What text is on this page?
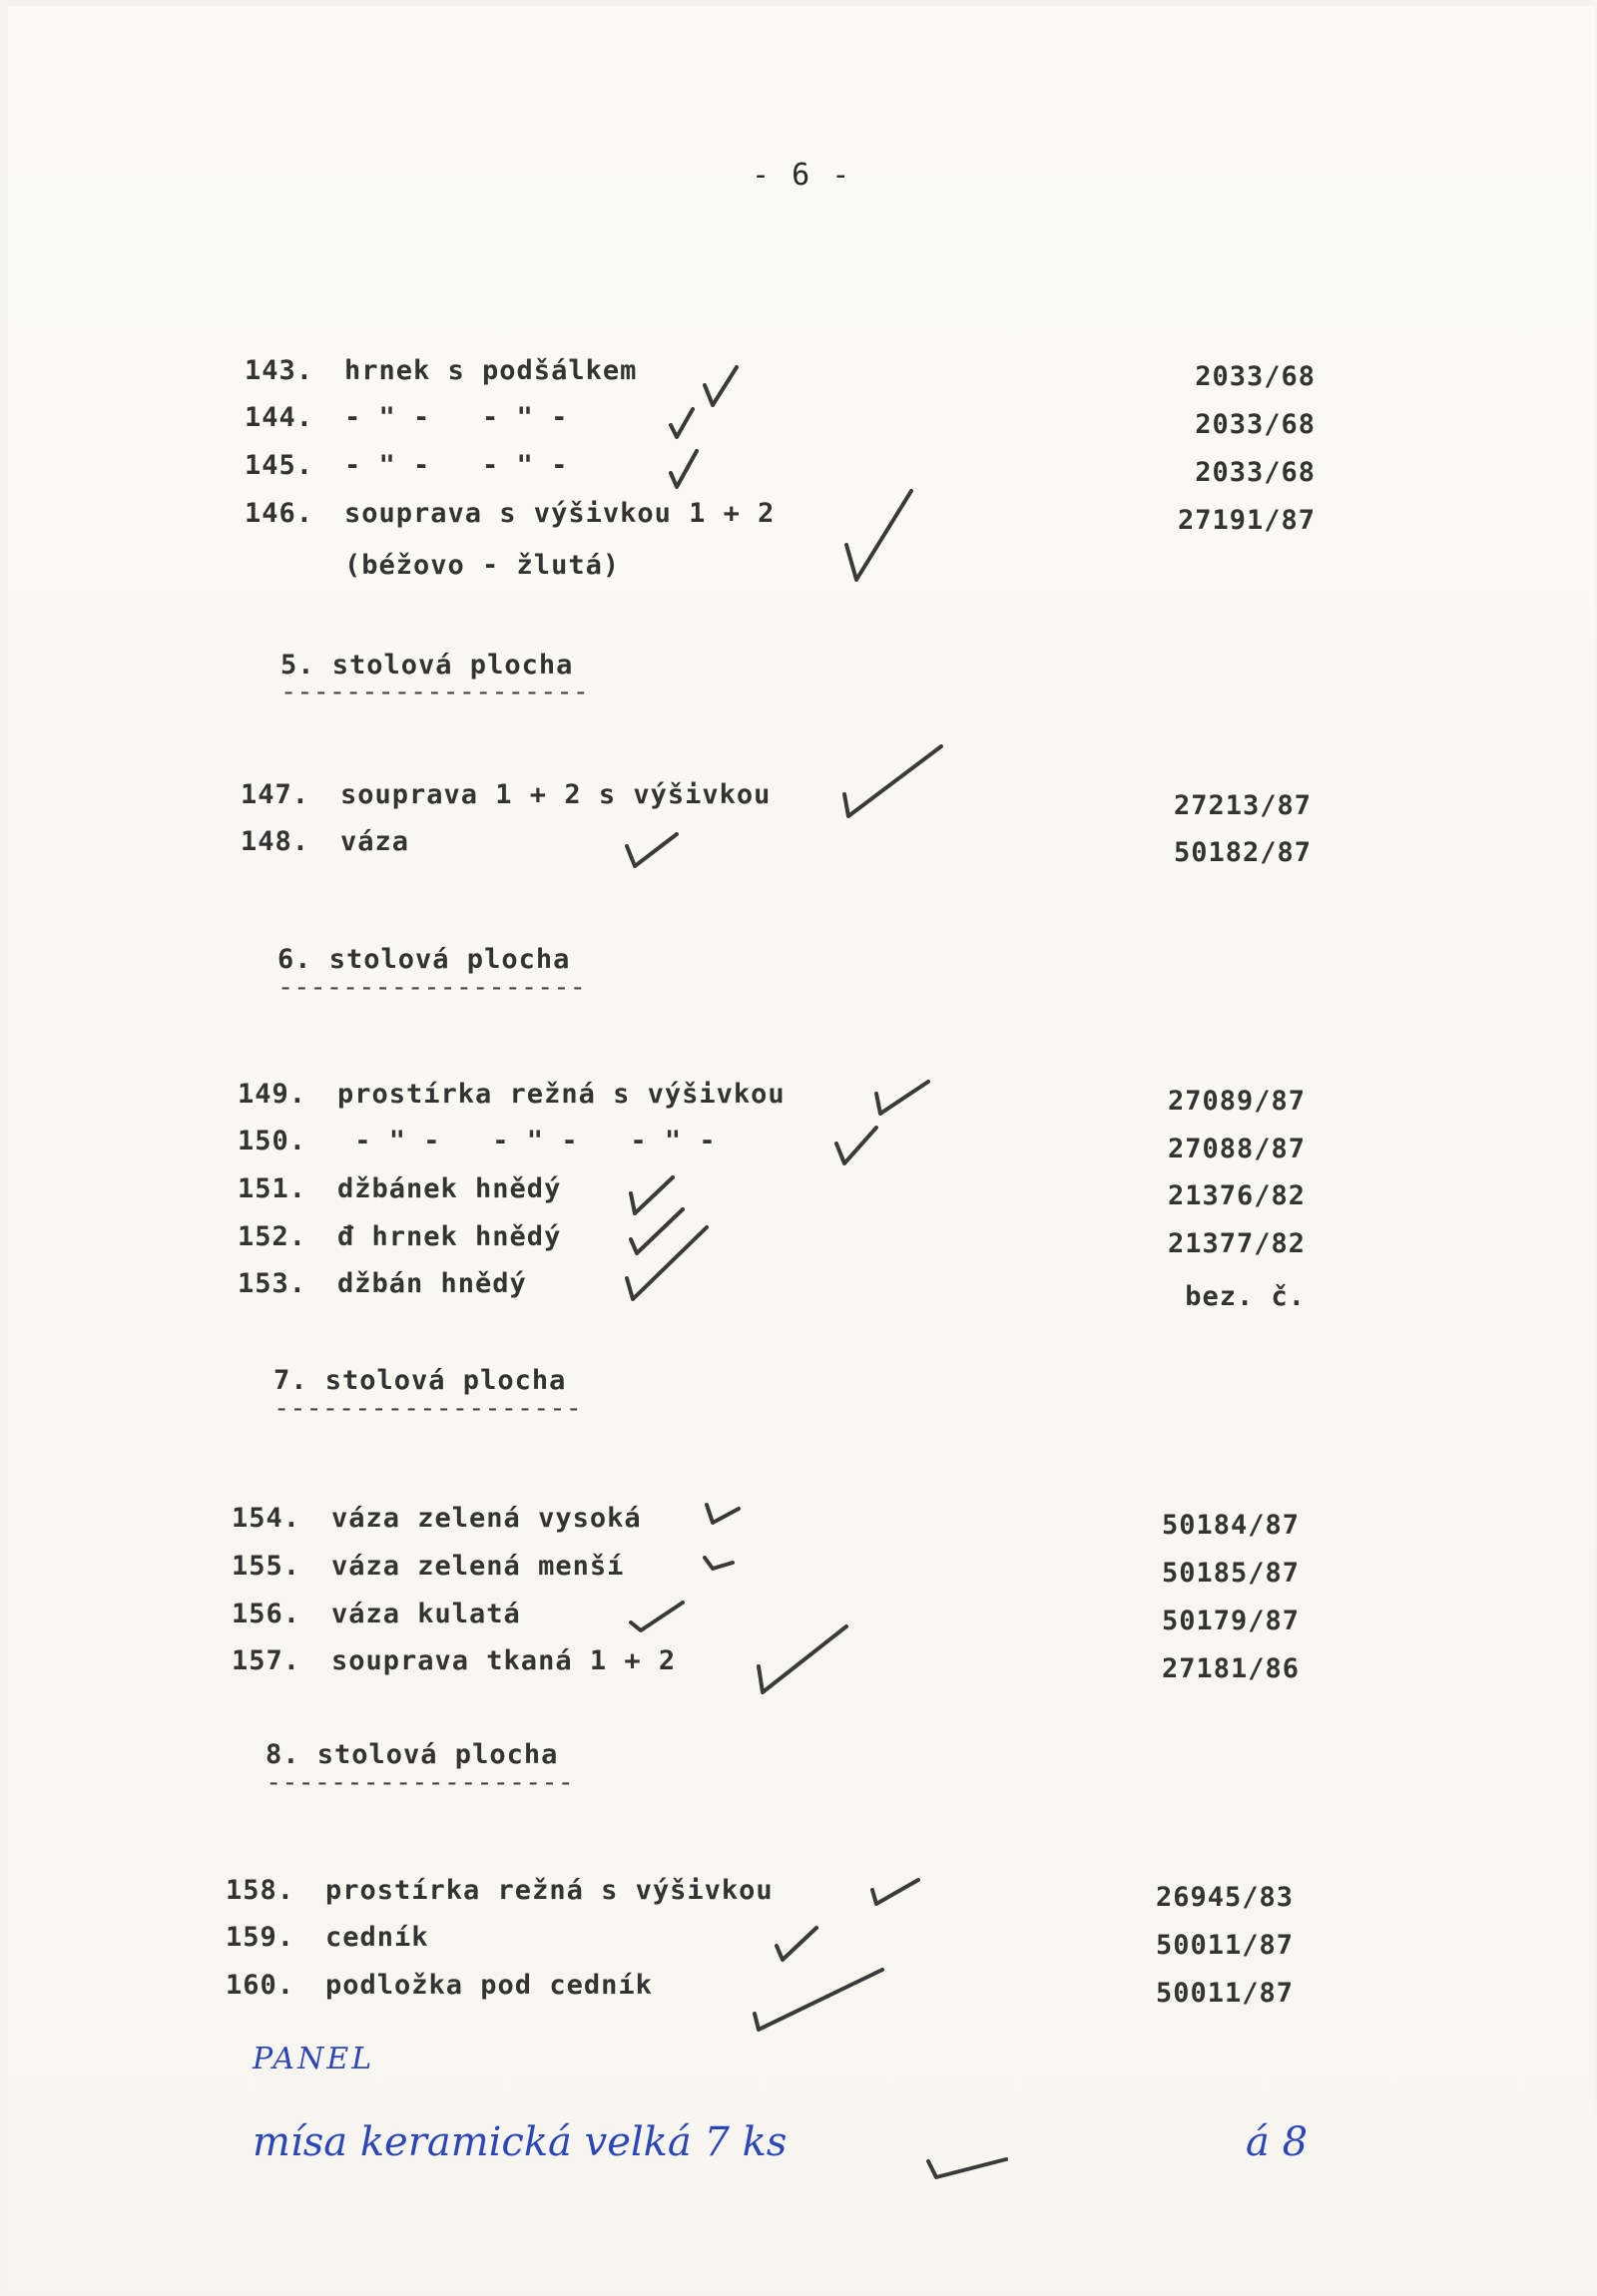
- 6 -
143. hrnek s podšálkem	2033/68
144. - " -   - " -	2033/68
145. - " -   - " -	2033/68
146. souprava s výšivkou 1 + 2	27191/87
(béžovo - žlutá)
5. stolová plocha
-------------------
147. souprava 1 + 2 s výšivkou	27213/87
148. váza	50182/87
6. stolová plocha
-------------------
149. prostírka režná s výšivkou	27089/87
150. - " -   - " -   - " -	27088/87
151. džbánek hnědý	21376/82
152. đ hrnek hnědý	21377/82
153. džbán hnědý	bez. č.
7. stolová plocha
-------------------
154. váza zelená vysoká	50184/87
155. váza zelená menší	50185/87
156. váza kulatá	50179/87
157. souprava tkaná 1 + 2	27181/86
8. stolová plocha
-------------------
158. prostírka režná s výšivkou	26945/83
159. cedník	50011/87
160. podložka pod cedník	50011/87
PANEL
mísa keramická velká 7 ks	á 8
